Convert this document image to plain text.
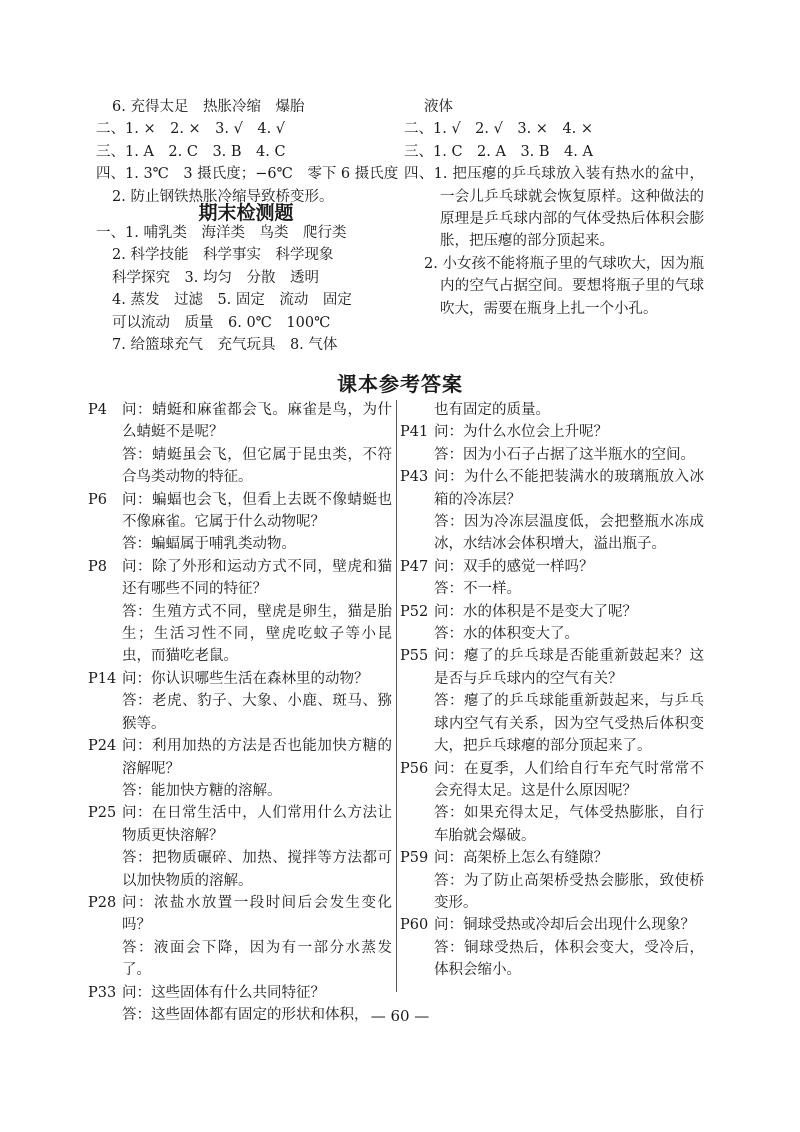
6. 充得太足　热胀冷缩　爆胎
二、1. ×　2. ×　3. √　4. √
三、1. A　2. C　3. B　4. C
四、1. 3℃　3 摄氏度；−6℃　零下 6 摄氏度
2. 防止钢铁热胀冷缩导致桥变形。
期末检测题
一、1. 哺乳类　海洋类　鸟类　爬行类
2. 科学技能　科学事实　科学现象
科学探究　3. 均匀　分散　透明
4. 蒸发　过滤　5. 固定　流动　固定
可以流动　质量　6. 0℃　100℃
7. 给篮球充气　充气玩具　8. 气体
液体
二、1. √　2. √　3. ×　4. ×
三、1. C　2. A　3. B　4. A
四、1. 把压瘪的乒乓球放入装有热水的盆中，一会儿乒乓球就会恢复原样。这种做法的原理是乒乓球内部的气体受热后体积会膨胀，把压瘪的部分顶起来。
2. 小女孩不能将瓶子里的气球吹大，因为瓶内的空气占据空间。要想将瓶子里的气球吹大，需要在瓶身上扎一个小孔。
课本参考答案
P4 问：蜻蜓和麻雀都会飞。麻雀是鸟，为什么蜻蜓不是呢？
答：蜻蜓虽会飞，但它属于昆虫类，不符合鸟类动物的特征。
P6 问：蝙蝠也会飞，但看上去既不像蜻蜓也不像麻雀。它属于什么动物呢？
答：蝙蝠属于哺乳类动物。
P8 问：除了外形和运动方式不同，壁虎和猫还有哪些不同的特征？
答：生殖方式不同，壁虎是卵生，猫是胎生；生活习性不同，壁虎吃蚊子等小昆虫，而猫吃老鼠。
P14 问：你认识哪些生活在森林里的动物？
答：老虎、豹子、大象、小鹿、斑马、猕猴等。
P24 问：利用加热的方法是否也能加快方糖的溶解呢？
答：能加快方糖的溶解。
P25 问：在日常生活中，人们常用什么方法让物质更快溶解？
答：把物质碾碎、加热、搅拌等方法都可以加快物质的溶解。
P28 问：浓盐水放置一段时间后会发生变化吗？
答：液面会下降，因为有一部分水蒸发了。
P33 问：这些固体有什么共同特征？
答：这些固体都有固定的形状和体积，
也有固定的质量。
P41 问：为什么水位会上升呢？
答：因为小石子占据了这半瓶水的空间。
P43 问：为什么不能把装满水的玻璃瓶放入冰箱的冷冻层？
答：因为冷冻层温度低，会把整瓶水冻成冰，水结冰会体积增大，溢出瓶子。
P47 问：双手的感觉一样吗？
答：不一样。
P52 问：水的体积是不是变大了呢？
答：水的体积变大了。
P55 问：瘪了的乒乓球是否能重新鼓起来？这是否与乒乓球内的空气有关？
答：瘪了的乒乓球能重新鼓起来，与乒乓球内空气有关系，因为空气受热后体积变大，把乒乓球瘪的部分顶起来了。
P56 问：在夏季，人们给自行车充气时常常不会充得太足。这是什么原因呢？
答：如果充得太足，气体受热膨胀，自行车胎就会爆破。
P59 问：高架桥上怎么有缝隙？
答：为了防止高架桥受热会膨胀，致使桥变形。
P60 问：铜球受热或冷却后会出现什么现象？
答：铜球受热后，体积会变大，受冷后，体积会缩小。
— 60 —
